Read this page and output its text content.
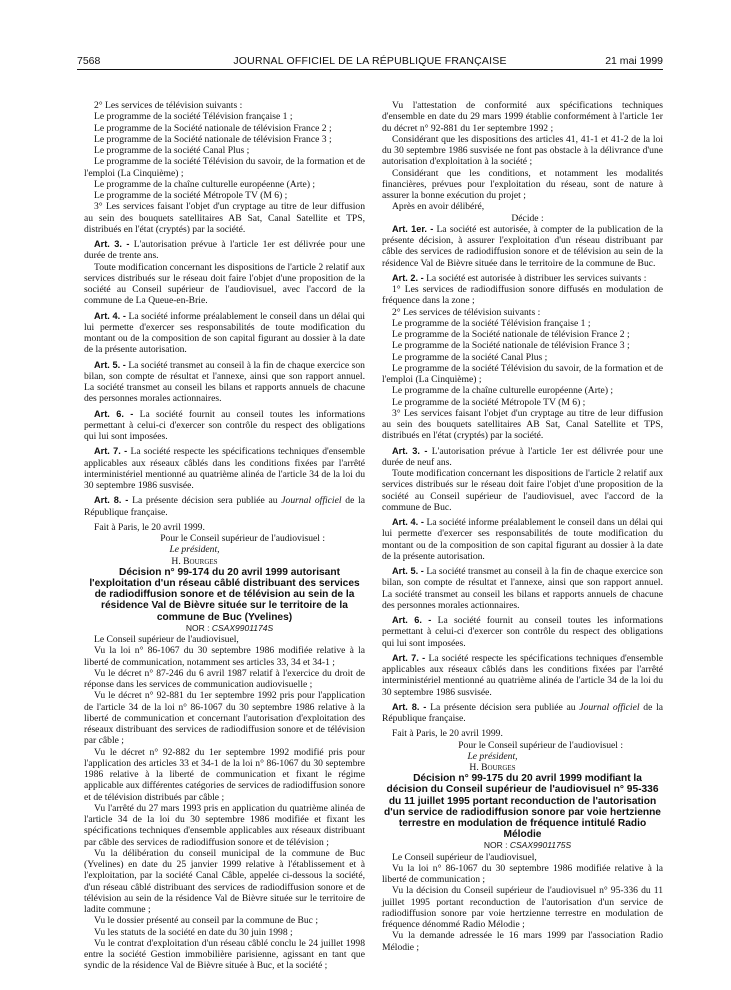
7568	JOURNAL OFFICIEL DE LA RÉPUBLIQUE FRANÇAISE	21 mai 1999

2° Les services de télévision suivants :

Le programme de la société Télévision française 1 ;

Le programme de la Société nationale de télévision France 2 ;

Le programme de la Société nationale de télévision France 3 ;

Le programme de la société Canal Plus ;

Le programme de la société Télévision du savoir, de la formation et de l'emploi (La Cinquième) ;

Le programme de la chaîne culturelle européenne (Arte) ;

Le programme de la société Métropole TV (M 6) ;

3° Les services faisant l'objet d'un cryptage au titre de leur diffusion au sein des bouquets satellitaires AB Sat, Canal Satellite et TPS, distribués en l'état (cryptés) par la société.

Art. 3. - L'autorisation prévue à l'article 1er est délivrée pour une durée de trente ans.

Toute modification concernant les dispositions de l'article 2 relatif aux services distribués sur le réseau doit faire l'objet d'une proposition de la société au Conseil supérieur de l'audiovisuel, avec l'accord de la commune de La Queue-en-Brie.

Art. 4. - La société informe préalablement le conseil dans un délai qui lui permette d'exercer ses responsabilités de toute modification du montant ou de la composition de son capital figurant au dossier à la date de la présente autorisation.

Art. 5. - La société transmet au conseil à la fin de chaque exercice son bilan, son compte de résultat et l'annexe, ainsi que son rapport annuel. La société transmet au conseil les bilans et rapports annuels de chacune des personnes morales actionnaires.

Art. 6. - La société fournit au conseil toutes les informations permettant à celui-ci d'exercer son contrôle du respect des obligations qui lui sont imposées.

Art. 7. - La société respecte les spécifications techniques d'ensemble applicables aux réseaux câblés dans les conditions fixées par l'arrêté interministériel mentionné au quatrième alinéa de l'article 34 de la loi du 30 septembre 1986 susvisée.

Art. 8. - La présente décision sera publiée au Journal officiel de la République française.

Fait à Paris, le 20 avril 1999.

Pour le Conseil supérieur de l'audiovisuel :
Le président,
H. Bourges

Décision n° 99-174 du 20 avril 1999 autorisant l'exploitation d'un réseau câblé distribuant des services de radiodiffusion sonore et de télévision au sein de la résidence Val de Bièvre située sur le territoire de la commune de Buc (Yvelines)

NOR : CSAX9901174S

Le Conseil supérieur de l'audiovisuel,

Vu la loi n° 86-1067 du 30 septembre 1986 modifiée relative à la liberté de communication, notamment ses articles 33, 34 et 34-1 ;

Vu le décret n° 87-246 du 6 avril 1987 relatif à l'exercice du droit de réponse dans les services de communication audiovisuelle ;

Vu le décret n° 92-881 du 1er septembre 1992 pris pour l'application de l'article 34 de la loi n° 86-1067 du 30 septembre 1986 relative à la liberté de communication et concernant l'autorisation d'exploitation des réseaux distribuant des services de radiodiffusion sonore et de télévision par câble ;

Vu le décret n° 92-882 du 1er septembre 1992 modifié pris pour l'application des articles 33 et 34-1 de la loi n° 86-1067 du 30 septembre 1986 relative à la liberté de communication et fixant le régime applicable aux différentes catégories de services de radiodiffusion sonore et de télévision distribués par câble ;

Vu l'arrêté du 27 mars 1993 pris en application du quatrième alinéa de l'article 34 de la loi du 30 septembre 1986 modifiée et fixant les spécifications techniques d'ensemble applicables aux réseaux distribuant par câble des services de radiodiffusion sonore et de télévision ;

Vu la délibération du conseil municipal de la commune de Buc (Yvelines) en date du 25 janvier 1999 relative à l'établissement et à l'exploitation, par la société Canal Câble, appelée ci-dessous la société, d'un réseau câblé distribuant des services de radiodiffusion sonore et de télévision au sein de la résidence Val de Bièvre située sur le territoire de ladite commune ;

Vu le dossier présenté au conseil par la commune de Buc ;

Vu les statuts de la société en date du 30 juin 1998 ;

Vu le contrat d'exploitation d'un réseau câblé conclu le 24 juillet 1998 entre la société Gestion immobilière parisienne, agissant en tant que syndic de la résidence Val de Bièvre située à Buc, et la société ;

Vu l'attestation de conformité aux spécifications techniques d'ensemble en date du 29 mars 1999 établie conformément à l'article 1er du décret n° 92-881 du 1er septembre 1992 ;

Considérant que les dispositions des articles 41, 41-1 et 41-2 de la loi du 30 septembre 1986 susvisée ne font pas obstacle à la délivrance d'une autorisation d'exploitation à la société ;

Considérant que les conditions, et notamment les modalités financières, prévues pour l'exploitation du réseau, sont de nature à assurer la bonne exécution du projet ;

Après en avoir délibéré,

Décide :

Art. 1er. - La société est autorisée, à compter de la publication de la présente décision, à assurer l'exploitation d'un réseau distribuant par câble des services de radiodiffusion sonore et de télévision au sein de la résidence Val de Bièvre située dans le territoire de la commune de Buc.

Art. 2. - La société est autorisée à distribuer les services suivants :

1° Les services de radiodiffusion sonore diffusés en modulation de fréquence dans la zone ;

2° Les services de télévision suivants :

Le programme de la société Télévision française 1 ;

Le programme de la Société nationale de télévision France 2 ;

Le programme de la Société nationale de télévision France 3 ;

Le programme de la société Canal Plus ;

Le programme de la société Télévision du savoir, de la formation et de l'emploi (La Cinquième) ;

Le programme de la chaîne culturelle européenne (Arte) ;

Le programme de la société Métropole TV (M 6) ;

3° Les services faisant l'objet d'un cryptage au titre de leur diffusion au sein des bouquets satellitaires AB Sat, Canal Satellite et TPS, distribués en l'état (cryptés) par la société.

Art. 3. - L'autorisation prévue à l'article 1er est délivrée pour une durée de neuf ans.

Toute modification concernant les dispositions de l'article 2 relatif aux services distribués sur le réseau doit faire l'objet d'une proposition de la société au Conseil supérieur de l'audiovisuel, avec l'accord de la commune de Buc.

Art. 4. - La société informe préalablement le conseil dans un délai qui lui permette d'exercer ses responsabilités de toute modification du montant ou de la composition de son capital figurant au dossier à la date de la présente autorisation.

Art. 5. - La société transmet au conseil à la fin de chaque exercice son bilan, son compte de résultat et l'annexe, ainsi que son rapport annuel. La société transmet au conseil les bilans et rapports annuels de chacune des personnes morales actionnaires.

Art. 6. - La société fournit au conseil toutes les informations permettant à celui-ci d'exercer son contrôle du respect des obligations qui lui sont imposées.

Art. 7. - La société respecte les spécifications techniques d'ensemble applicables aux réseaux câblés dans les conditions fixées par l'arrêté interministériel mentionné au quatrième alinéa de l'article 34 de la loi du 30 septembre 1986 susvisée.

Art. 8. - La présente décision sera publiée au Journal officiel de la République française.

Fait à Paris, le 20 avril 1999.

Pour le Conseil supérieur de l'audiovisuel :
Le président,
H. Bourges

Décision n° 99-175 du 20 avril 1999 modifiant la décision du Conseil supérieur de l'audiovisuel n° 95-336 du 11 juillet 1995 portant reconduction de l'autorisation d'un service de radiodiffusion sonore par voie hertzienne terrestre en modulation de fréquence intitulé Radio Mélodie

NOR : CSAX9901175S

Le Conseil supérieur de l'audiovisuel,

Vu la loi n° 86-1067 du 30 septembre 1986 modifiée relative à la liberté de communication ;

Vu la décision du Conseil supérieur de l'audiovisuel n° 95-336 du 11 juillet 1995 portant reconduction de l'autorisation d'un service de radiodiffusion sonore par voie hertzienne terrestre en modulation de fréquence dénommé Radio Mélodie ;

Vu la demande adressée le 16 mars 1999 par l'association Radio Mélodie ;
